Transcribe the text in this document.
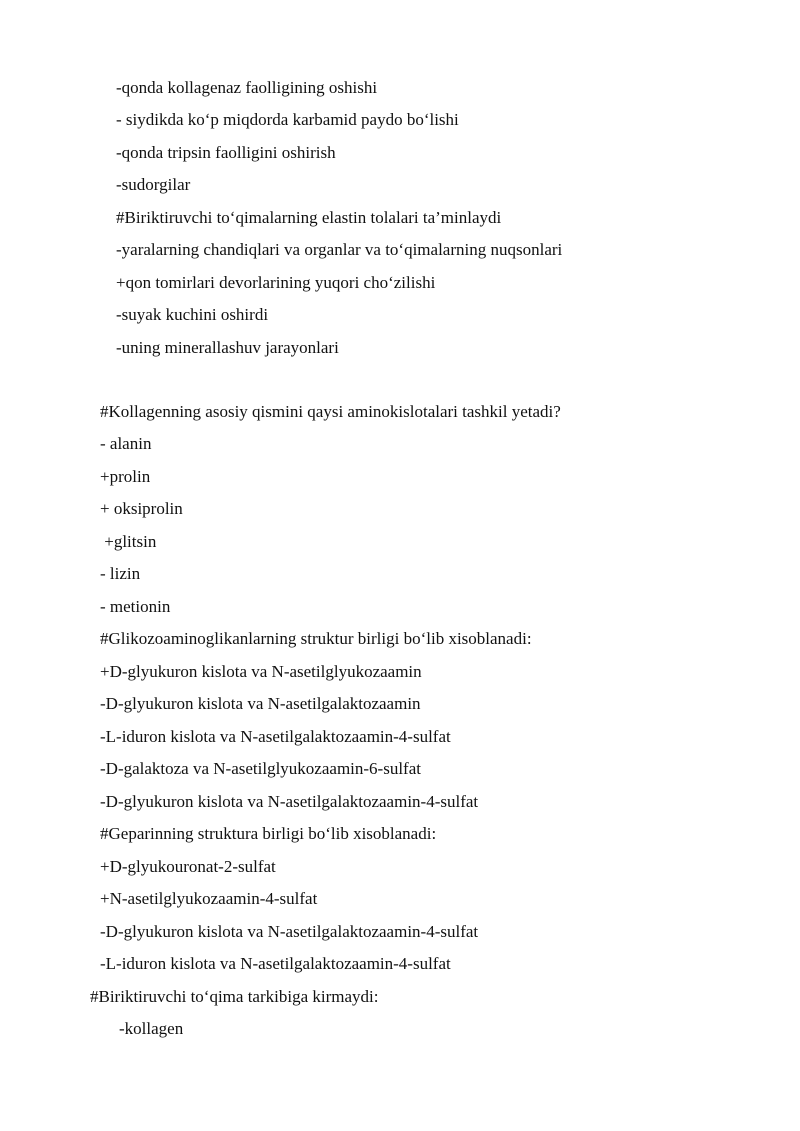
-qonda kollagenaz faolligining oshishi
- siydikda ko‘p miqdorda karbamid paydo bo‘lishi
-qonda tripsin faolligini oshirish
-sudorgilar
#Biriktiruvchi to‘qimalarning elastin tolalari ta’minlaydi
-yaralarning chandiqlari va organlar va to‘qimalarning nuqsonlari
+qon tomirlari devorlarining yuqori cho‘zilishi
-suyak kuchini oshirdi
-uning minerallashuv jarayonlari
#Kollagenning asosiy qismini qaysi aminokislotalari tashkil yetadi?
- alanin
+prolin
+ oksiprolin
+glitsin
- lizin
- metionin
#Glikozoaminoglikanlarning struktur birligi bo‘lib xisoblanadi:
+D-glyukuron kislota va N-asetilglyukozaamin
-D-glyukuron kislota va N-asetilgalaktozaamin
-L-iduron kislota va N-asetilgalaktozaamin-4-sulfat
-D-galaktoza va N-asetilglyukozaamin-6-sulfat
-D-glyukuron kislota va N-asetilgalaktozaamin-4-sulfat
#Geparinning struktura birligi bo‘lib xisoblanadi:
+D-glyukouronat-2-sulfat
+N-asetilglyukozaamin-4-sulfat
-D-glyukuron kislota va N-asetilgalaktozaamin-4-sulfat
-L-iduron kislota va N-asetilgalaktozaamin-4-sulfat
#Biriktiruvchi to‘qima tarkibiga kirmaydi:
-kollagen
